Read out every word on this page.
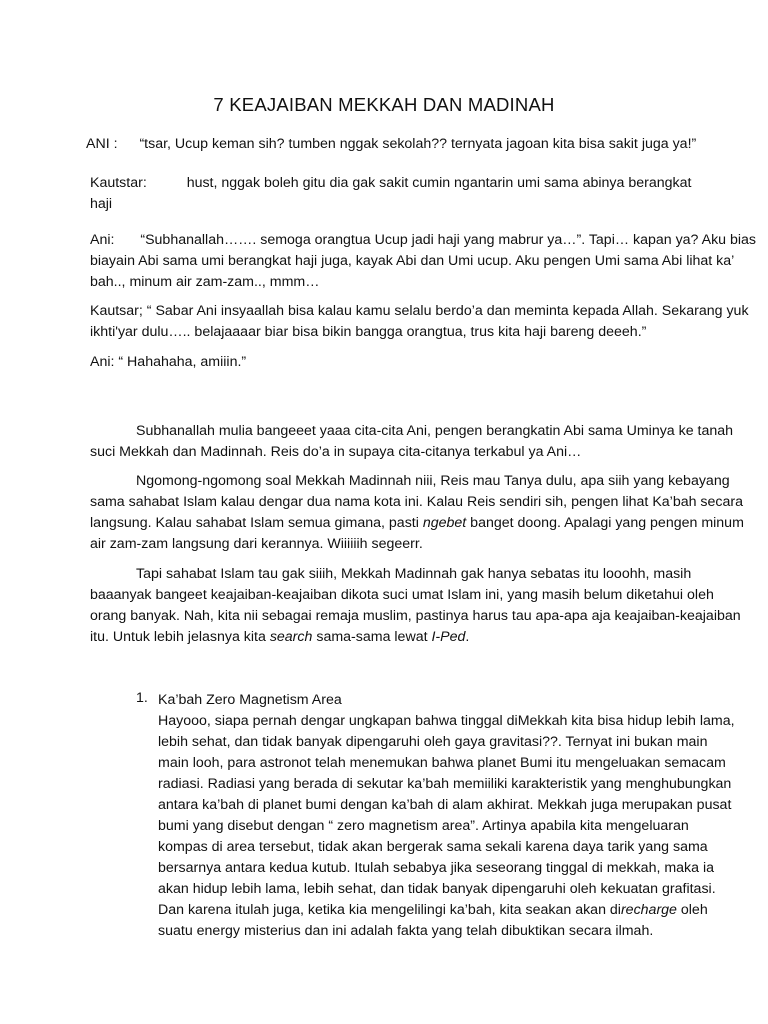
7 KEAJAIBAN MEKKAH DAN MADINAH
ANI : “tsar, Ucup keman sih? tumben nggak sekolah?? ternyata jagoan kita bisa sakit juga ya!”
Kautstar:	hust, nggak boleh gitu dia gak sakit cumin ngantarin umi sama abinya berangkat
haji
Ani: “Subhanallah……. semoga orangtua Ucup jadi haji yang mabrur ya…”. Tapi… kapan ya? Aku bias
biayain Abi sama umi berangkat haji juga, kayak Abi dan Umi ucup. Aku pengen Umi sama Abi lihat ka’
bah.., minum air zam-zam.., mmm…
Kautsar; “ Sabar Ani insyaallah bisa kalau kamu selalu berdo’a dan meminta kepada Allah. Sekarang yuk
ikhti'yar dulu….. belajaaaar biar bisa bikin bangga orangtua, trus kita haji bareng deeeh.”
Ani: “ Hahahaha, amiiin.”
Subhanallah mulia bangeeet yaaa cita-cita Ani, pengen berangkatin Abi sama Uminya ke tanah
suci Mekkah dan Madinnah. Reis do’a in supaya cita-citanya terkabul ya Ani…
Ngomong-ngomong soal Mekkah Madinnah niii, Reis mau Tanya dulu, apa siih yang kebayang
sama sahabat Islam kalau dengar dua nama kota ini. Kalau Reis sendiri sih, pengen lihat Ka’bah secara
langsung. Kalau sahabat Islam semua gimana, pasti ngebet banget doong. Apalagi yang pengen minum
air zam-zam langsung dari kerannya. Wiiiiiih segeerr.
Tapi sahabat Islam tau gak siiih, Mekkah Madinnah gak hanya sebatas itu looohh, masih
baaanyak bangeet keajaiban-keajaiban dikota suci umat Islam ini, yang masih belum diketahui oleh
orang banyak. Nah, kita nii sebagai remaja muslim, pastinya harus tau apa-apa aja keajaiban-keajaiban
itu. Untuk lebih jelasnya kita search sama-sama lewat I-Ped.
1. Ka’bah Zero Magnetism Area
Hayooo, siapa pernah dengar ungkapan bahwa tinggal diMekkah kita bisa hidup lebih lama,
lebih sehat, dan tidak banyak dipengaruhi oleh gaya gravitasi??. Ternyat ini bukan main
main looh, para astronot telah menemukan bahwa planet Bumi itu mengeluakan semacam
radiasi. Radiasi yang berada di sekutar ka’bah memiiliki karakteristik yang menghubungkan
antara ka’bah di planet bumi dengan ka’bah di alam akhirat. Mekkah juga merupakan pusat
bumi yang disebut dengan “ zero magnetism area”. Artinya apabila kita mengeluaran
kompas di area tersebut, tidak akan bergerak sama sekali karena daya tarik yang sama
bersarnya antara kedua kutub. Itulah sebabya jika seseorang tinggal di mekkah, maka ia
akan hidup lebih lama, lebih sehat, dan tidak banyak dipengaruhi oleh kekuatan grafitasi.
Dan karena itulah juga, ketika kia mengelilingi ka’bah, kita seakan akan direcharge oleh
suatu energy misterius dan ini adalah fakta yang telah dibuktikan secara ilmah.
